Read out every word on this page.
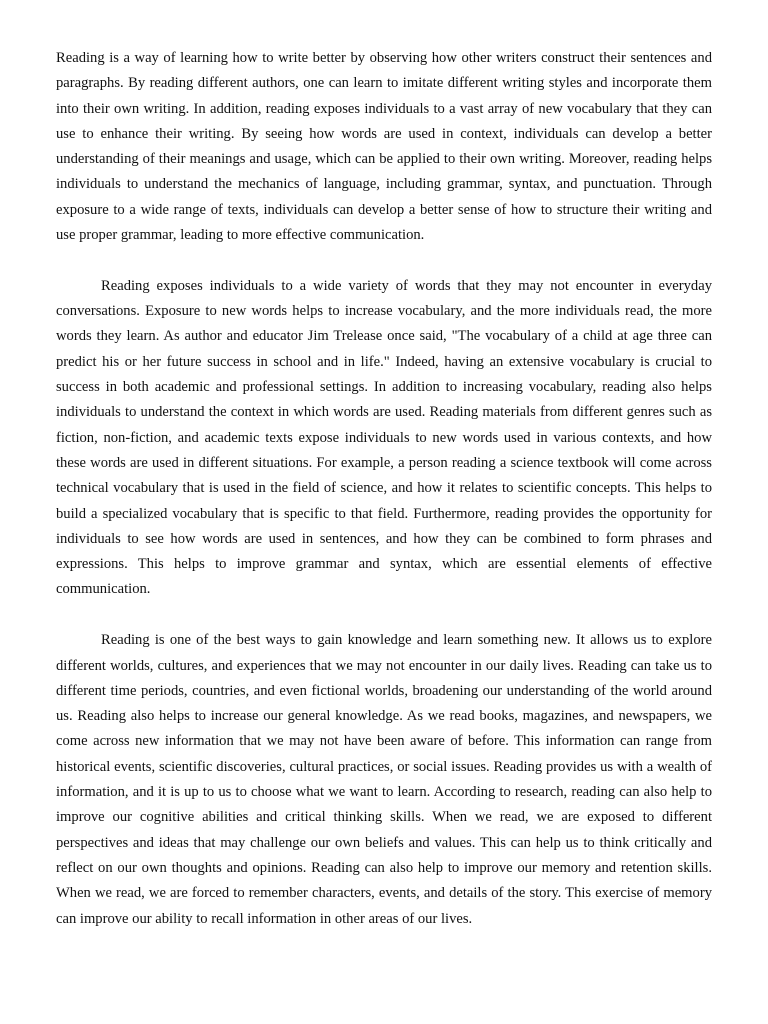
Reading is a way of learning how to write better by observing how other writers construct their sentences and paragraphs. By reading different authors, one can learn to imitate different writing styles and incorporate them into their own writing. In addition, reading exposes individuals to a vast array of new vocabulary that they can use to enhance their writing. By seeing how words are used in context, individuals can develop a better understanding of their meanings and usage, which can be applied to their own writing. Moreover, reading helps individuals to understand the mechanics of language, including grammar, syntax, and punctuation. Through exposure to a wide range of texts, individuals can develop a better sense of how to structure their writing and use proper grammar, leading to more effective communication.

Reading exposes individuals to a wide variety of words that they may not encounter in everyday conversations. Exposure to new words helps to increase vocabulary, and the more individuals read, the more words they learn. As author and educator Jim Trelease once said, "The vocabulary of a child at age three can predict his or her future success in school and in life." Indeed, having an extensive vocabulary is crucial to success in both academic and professional settings. In addition to increasing vocabulary, reading also helps individuals to understand the context in which words are used. Reading materials from different genres such as fiction, non-fiction, and academic texts expose individuals to new words used in various contexts, and how these words are used in different situations. For example, a person reading a science textbook will come across technical vocabulary that is used in the field of science, and how it relates to scientific concepts. This helps to build a specialized vocabulary that is specific to that field. Furthermore, reading provides the opportunity for individuals to see how words are used in sentences, and how they can be combined to form phrases and expressions. This helps to improve grammar and syntax, which are essential elements of effective communication.

Reading is one of the best ways to gain knowledge and learn something new. It allows us to explore different worlds, cultures, and experiences that we may not encounter in our daily lives. Reading can take us to different time periods, countries, and even fictional worlds, broadening our understanding of the world around us. Reading also helps to increase our general knowledge. As we read books, magazines, and newspapers, we come across new information that we may not have been aware of before. This information can range from historical events, scientific discoveries, cultural practices, or social issues. Reading provides us with a wealth of information, and it is up to us to choose what we want to learn. According to research, reading can also help to improve our cognitive abilities and critical thinking skills. When we read, we are exposed to different perspectives and ideas that may challenge our own beliefs and values. This can help us to think critically and reflect on our own thoughts and opinions. Reading can also help to improve our memory and retention skills. When we read, we are forced to remember characters, events, and details of the story. This exercise of memory can improve our ability to recall information in other areas of our lives.
